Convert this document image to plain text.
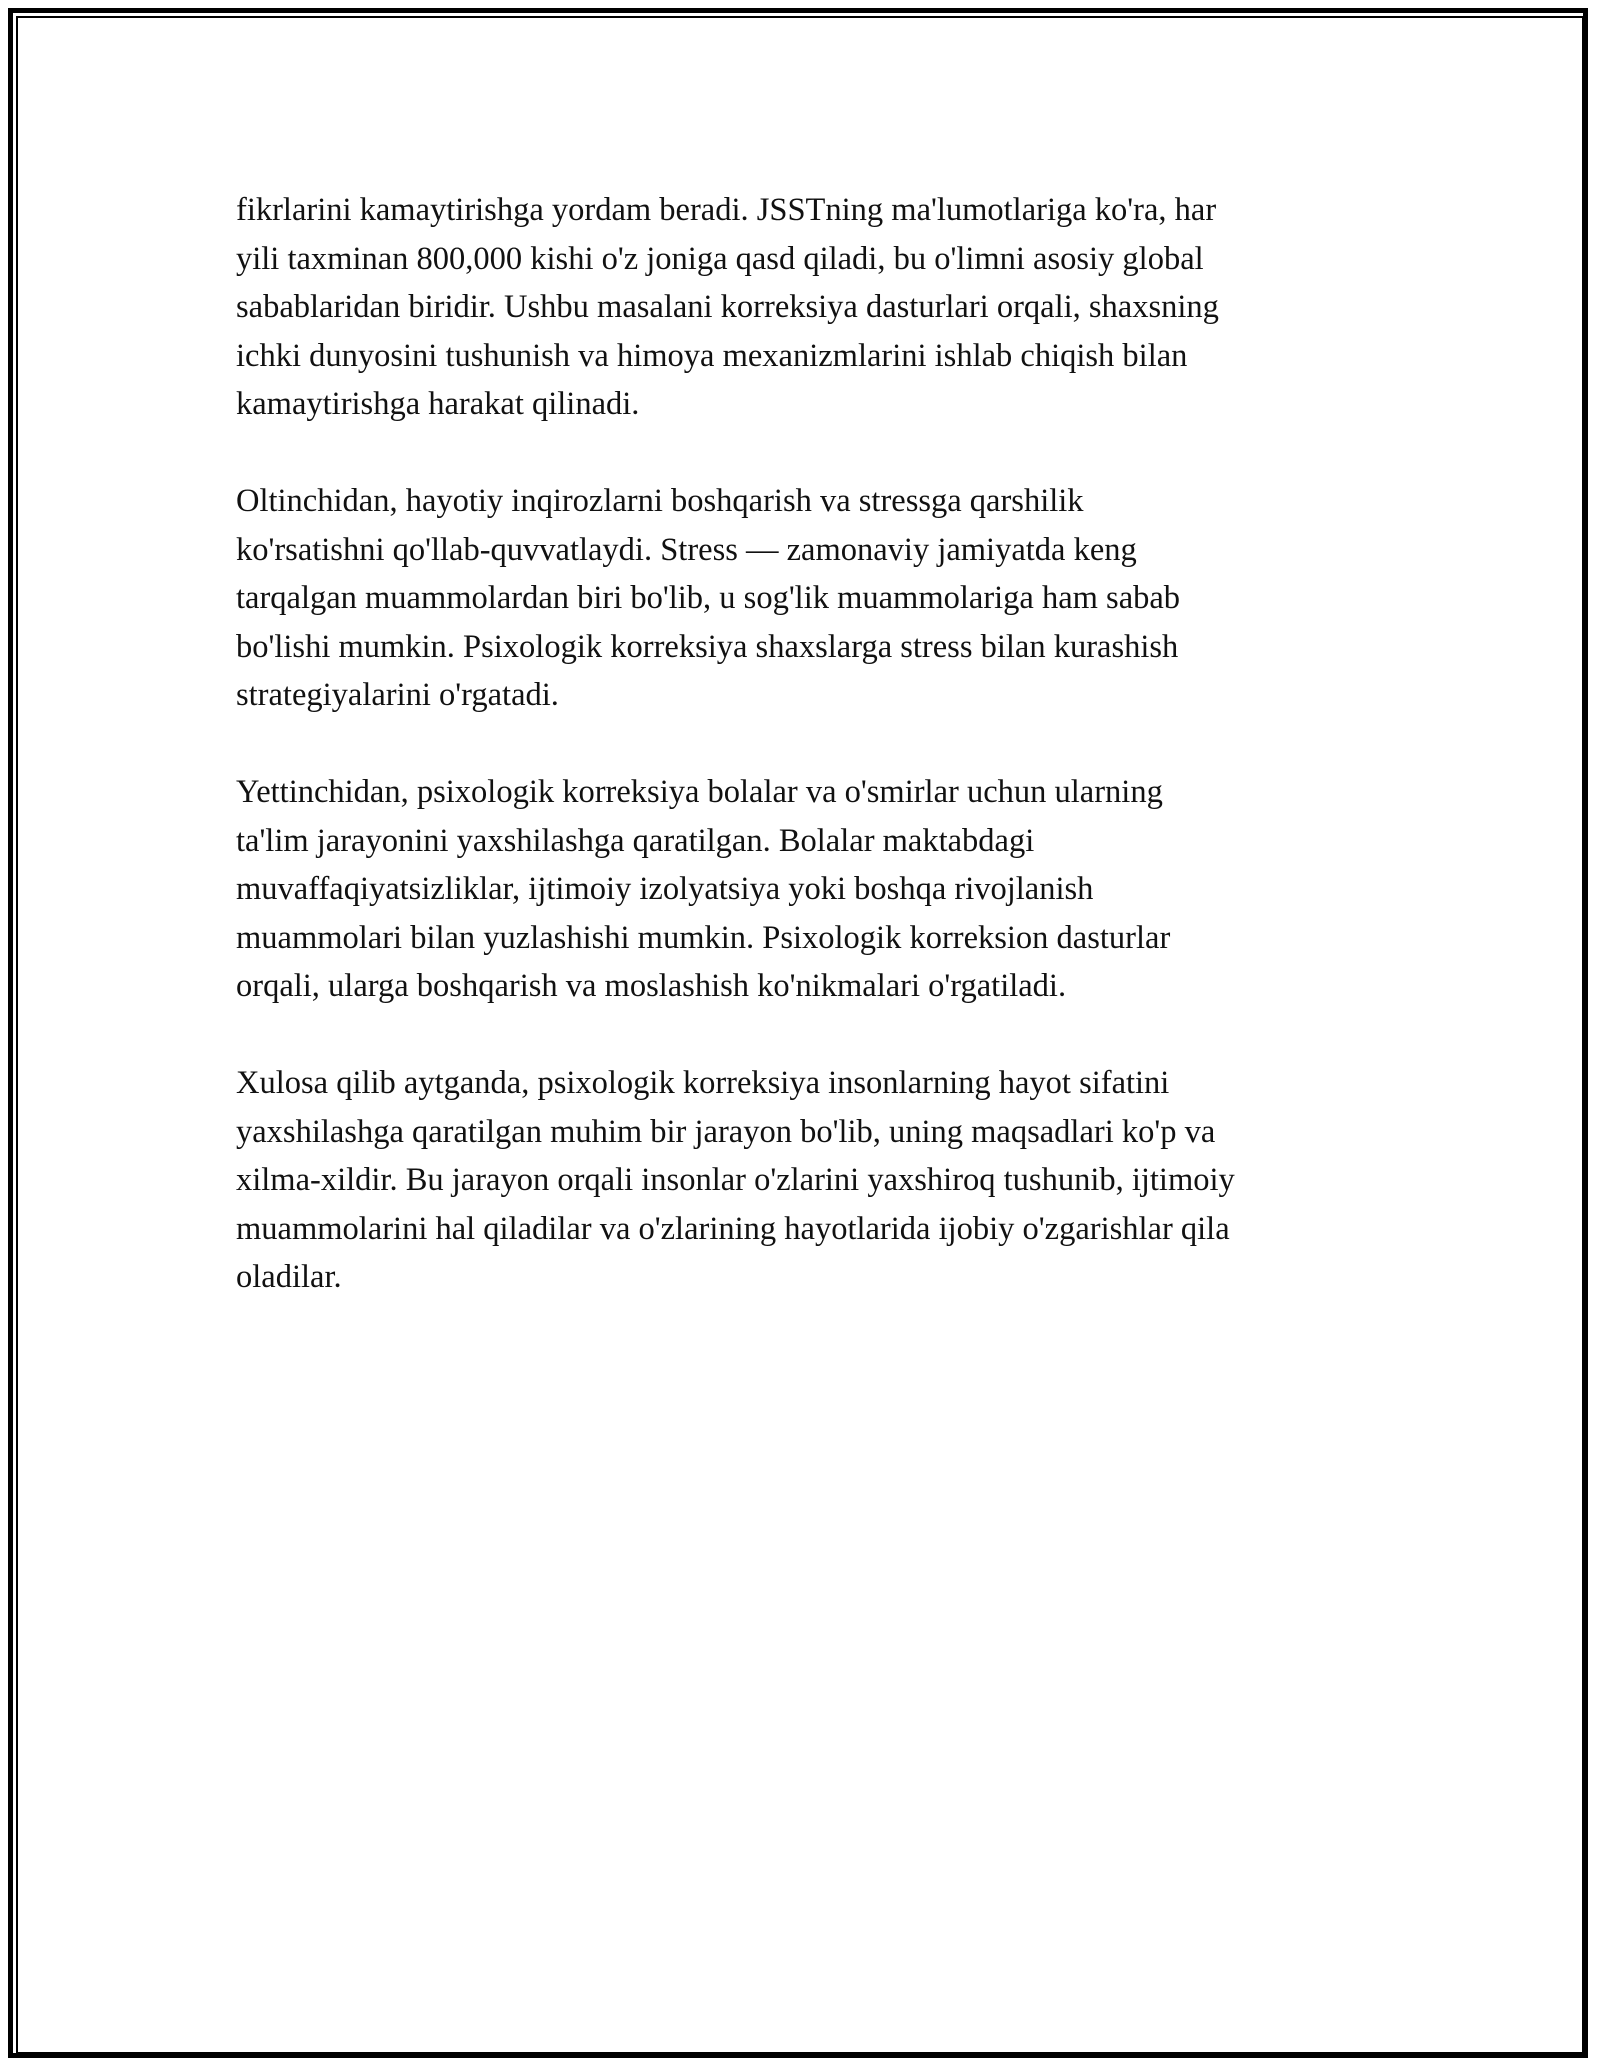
fikrlarini kamaytirishga yordam beradi. JSSTning ma'lumotlariga ko'ra, har
yili taxminan 800,000 kishi o'z joniga qasd qiladi, bu o'limni asosiy global
sabablaridan biridir. Ushbu masalani korreksiya dasturlari orqali, shaxsning
ichki dunyosini tushunish va himoya mexanizmlarini ishlab chiqish bilan
kamaytirishga harakat qilinadi.

Oltinchidan, hayotiy inqirozlarni boshqarish va stressga qarshilik
ko'rsatishni qo'llab-quvvatlaydi. Stress — zamonaviy jamiyatda keng
tarqalgan muammolardan biri bo'lib, u sog'lik muammolariga ham sabab
bo'lishi mumkin. Psixologik korreksiya shaxslarga stress bilan kurashish
strategiyalarini o'rgatadi.

Yettinchidan, psixologik korreksiya bolalar va o'smirlar uchun ularning
ta'lim jarayonini yaxshilashga qaratilgan. Bolalar maktabdagi
muvaffaqiyatsizliklar, ijtimoiy izolyatsiya yoki boshqa rivojlanish
muammolari bilan yuzlashishi mumkin. Psixologik korreksion dasturlar
orqali, ularga boshqarish va moslashish ko'nikmalari o'rgatiladi.

Xulosa qilib aytganda, psixologik korreksiya insonlarning hayot sifatini
yaxshilashga qaratilgan muhim bir jarayon bo'lib, uning maqsadlari ko'p va
xilma-xildir. Bu jarayon orqali insonlar o'zlarini yaxshiroq tushunib, ijtimoiy
muammolarini hal qiladilar va o'zlarining hayotlarida ijobiy o'zgarishlar qila
oladilar.
